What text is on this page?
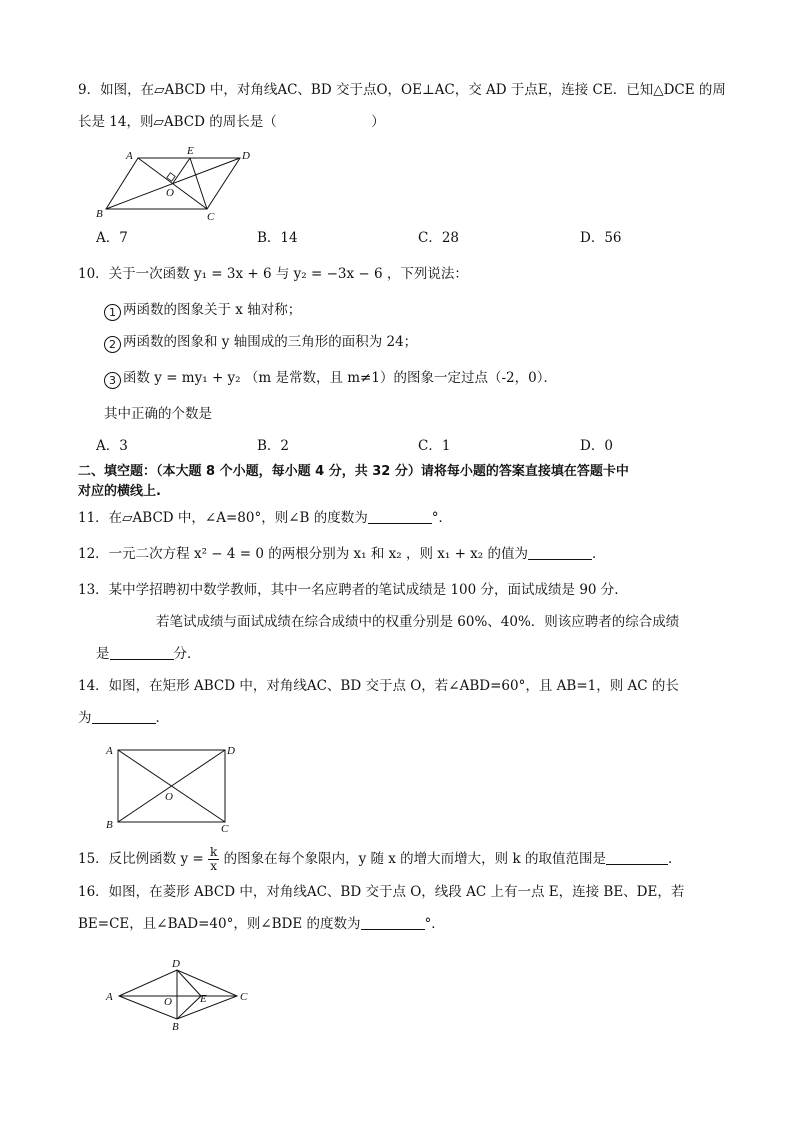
9．如图，在▱ABCD 中，对角线AC、BD 交于点O，OE⊥AC，交 AD 于点E，连接 CE．已知△DCE 的周
长是 14，则▱ABCD 的周长是（　　　　　　　）
A	E	D
O
B	C
A．7	B．14	C．28	D．56
10．关于一次函数 y₁ = 3x + 6 与 y₂ = −3x − 6 ，下列说法：
1 两函数的图象关于 x 轴对称；
2 两函数的图象和 y 轴围成的三角形的面积为 24；
3 函数 y = my₁ + y₂ （m 是常数，且 m≠1）的图象一定过点（-2，0）．
其中正确的个数是
A．3	B．2	C．1	D．0
二、填空题：（本大题 8 个小题，每小题 4 分，共 32 分）请将每小题的答案直接填在答题卡中
对应的横线上.
11．在▱ABCD 中，∠A=80°，则∠B 的度数为	°．
12．一元二次方程 x² − 4 = 0 的两根分别为 x₁ 和 x₂ ，则 x₁ + x₂ 的值为	．
13．某中学招聘初中数学教师，其中一名应聘者的笔试成绩是 100 分，面试成绩是 90 分.
若笔试成绩与面试成绩在综合成绩中的权重分别是 60%、40%．则该应聘者的综合成绩
是	分．
14．如图，在矩形 ABCD 中，对角线AC、BD 交于点 O，若∠ABD=60°，且 AB=1，则 AC 的长
为	．
A	D
O
B	C
15．反比例函数 $y = \frac{k}{x}$ 的图象在每个象限内，y 随 x 的增大而增大，则 k 的取值范围是	．
16．如图，在菱形 ABCD 中，对角线AC、BD 交于点 O，线段 AC 上有一点 E，连接 BE、DE，若
BE=CE，且∠BAD=40°，则∠BDE 的度数为	°．
D
A	O	E	C
B
